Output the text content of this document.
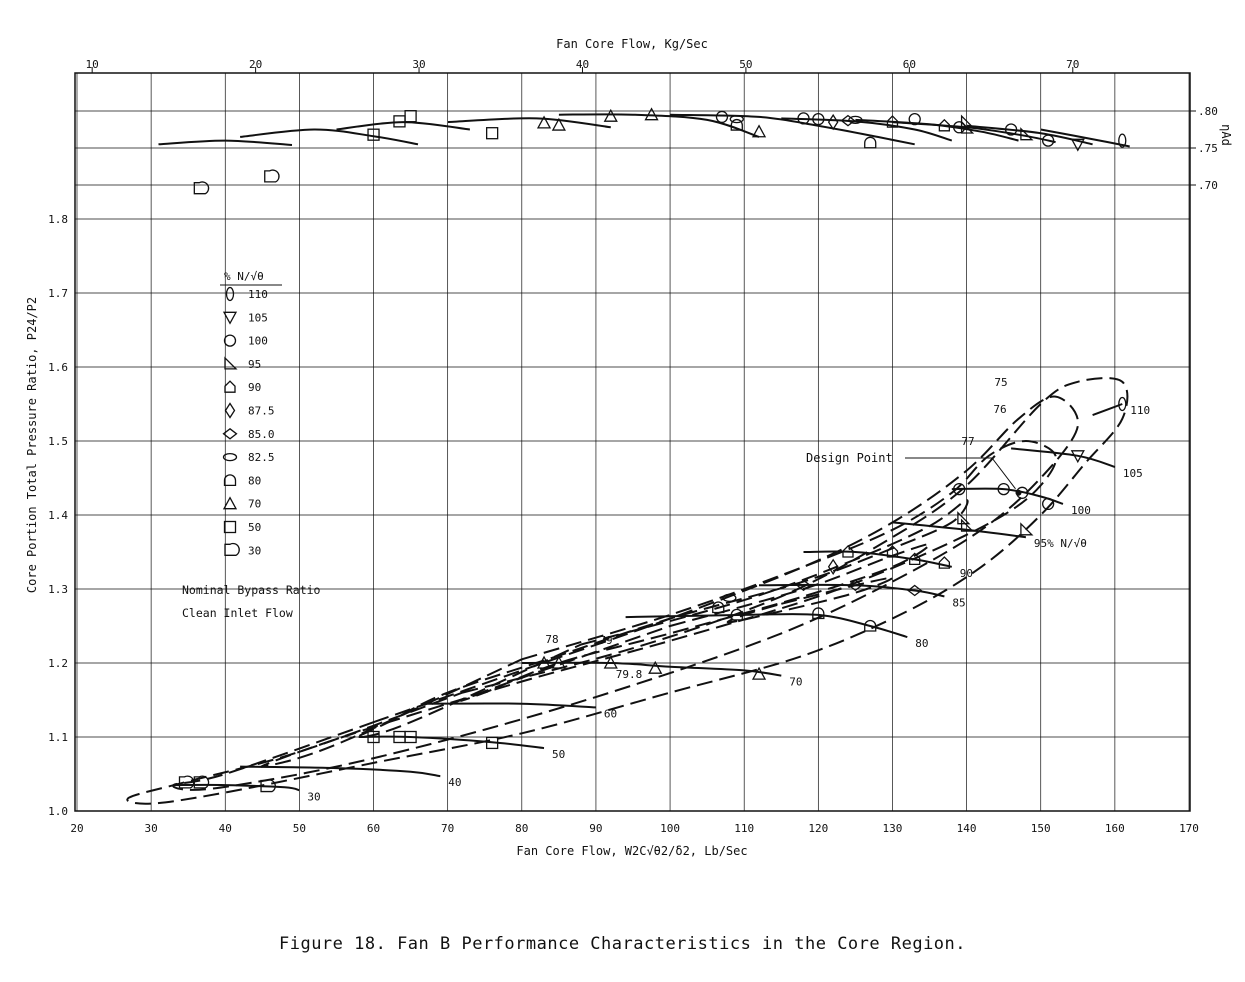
20	30	40	50	60	70	80	90	100	110	120	130	140	150	160	170
1.0
1.1
1.2
1.3
1.4
1.5
1.6
1.7
1.8
10	20	30	40	50	60	70
.80
.75
.70
75
76
77
78	79
79.8
110
105
100
95% N/√θ
90
85
80
70
60
50
40
30
Fan Core Flow, Kg/Sec
Fan Core Flow, W2C√θ2/δ2, Lb/Sec
Core Portion Total Pressure Ratio, P24/P2
ηAd
% N/√θ
110
105
100
95
90
87.5
85.0
82.5
80
70
50
30
Nominal Bypass Ratio
Clean Inlet Flow
Design Point
Figure 18. Fan B Performance Characteristics in the Core Region.
